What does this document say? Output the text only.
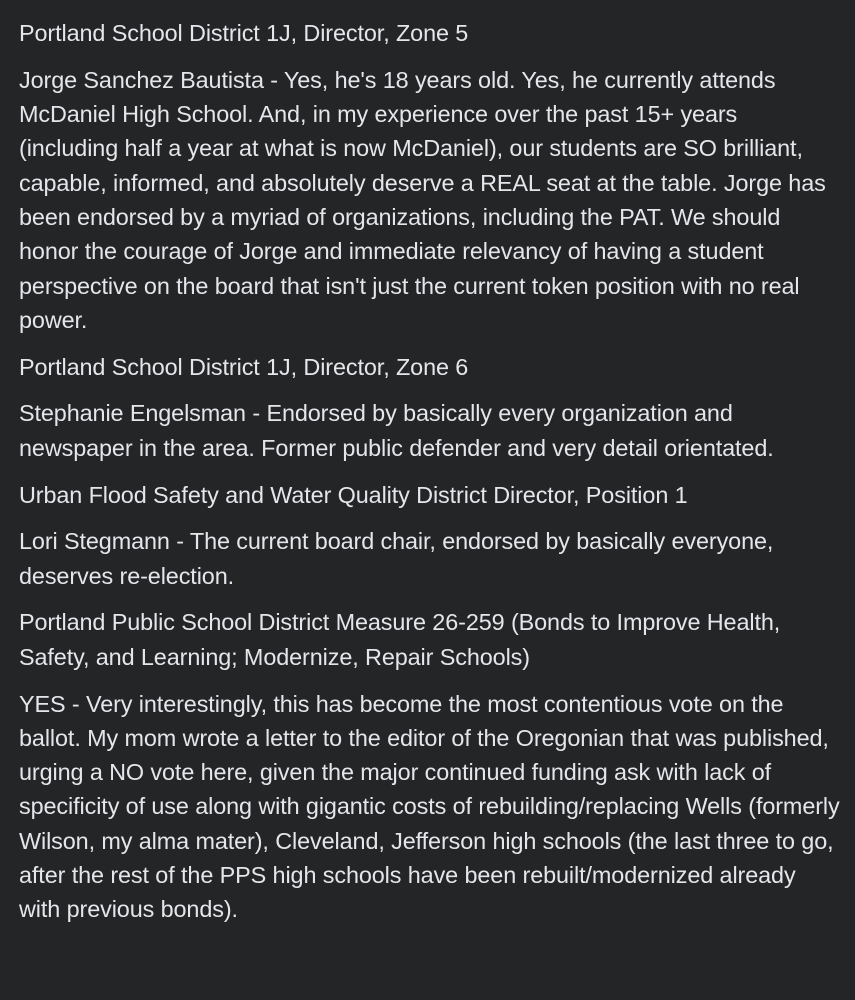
Portland School District 1J, Director, Zone 5

Jorge Sanchez Bautista - Yes, he's 18 years old. Yes, he currently attends McDaniel High School. And, in my experience over the past 15+ years (including half a year at what is now McDaniel), our students are SO brilliant, capable, informed, and absolutely deserve a REAL seat at the table. Jorge has been endorsed by a myriad of organizations, including the PAT. We should honor the courage of Jorge and immediate relevancy of having a student perspective on the board that isn't just the current token position with no real power.

Portland School District 1J, Director, Zone 6

Stephanie Engelsman - Endorsed by basically every organization and newspaper in the area. Former public defender and very detail orientated.

Urban Flood Safety and Water Quality District Director, Position 1

Lori Stegmann - The current board chair, endorsed by basically everyone, deserves re-election.

Portland Public School District Measure 26-259 (Bonds to Improve Health, Safety, and Learning; Modernize, Repair Schools)

YES - Very interestingly, this has become the most contentious vote on the ballot. My mom wrote a letter to the editor of the Oregonian that was published, urging a NO vote here, given the major continued funding ask with lack of specificity of use along with gigantic costs of rebuilding/replacing Wells (formerly Wilson, my alma mater), Cleveland, Jefferson high schools (the last three to go, after the rest of the PPS high schools have been rebuilt/modernized already with previous bonds).
